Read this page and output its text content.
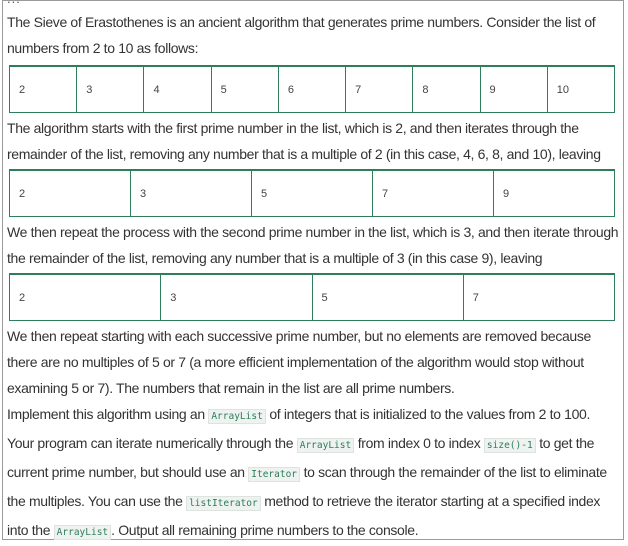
The Sieve of Erastothenes is an ancient algorithm that generates prime numbers. Consider the list of numbers from 2 to 10 as follows:

2	3	4	5	6	7	8	9	10

The algorithm starts with the first prime number in the list, which is 2, and then iterates through the remainder of the list, removing any number that is a multiple of 2 (in this case, 4, 6, 8, and 10), leaving

2	3	5	7	9

We then repeat the process with the second prime number in the list, which is 3, and then iterate through the remainder of the list, removing any number that is a multiple of 3 (in this case 9), leaving

2	3	5	7

We then repeat starting with each successive prime number, but no elements are removed because there are no multiples of 5 or 7 (a more efficient implementation of the algorithm would stop without examining 5 or 7). The numbers that remain in the list are all prime numbers.

Implement this algorithm using an ArrayList of integers that is initialized to the values from 2 to 100. Your program can iterate numerically through the ArrayList from index 0 to index size()-1 to get the current prime number, but should use an Iterator to scan through the remainder of the list to eliminate the multiples. You can use the listIterator method to retrieve the iterator starting at a specified index into the ArrayList . Output all remaining prime numbers to the console.
